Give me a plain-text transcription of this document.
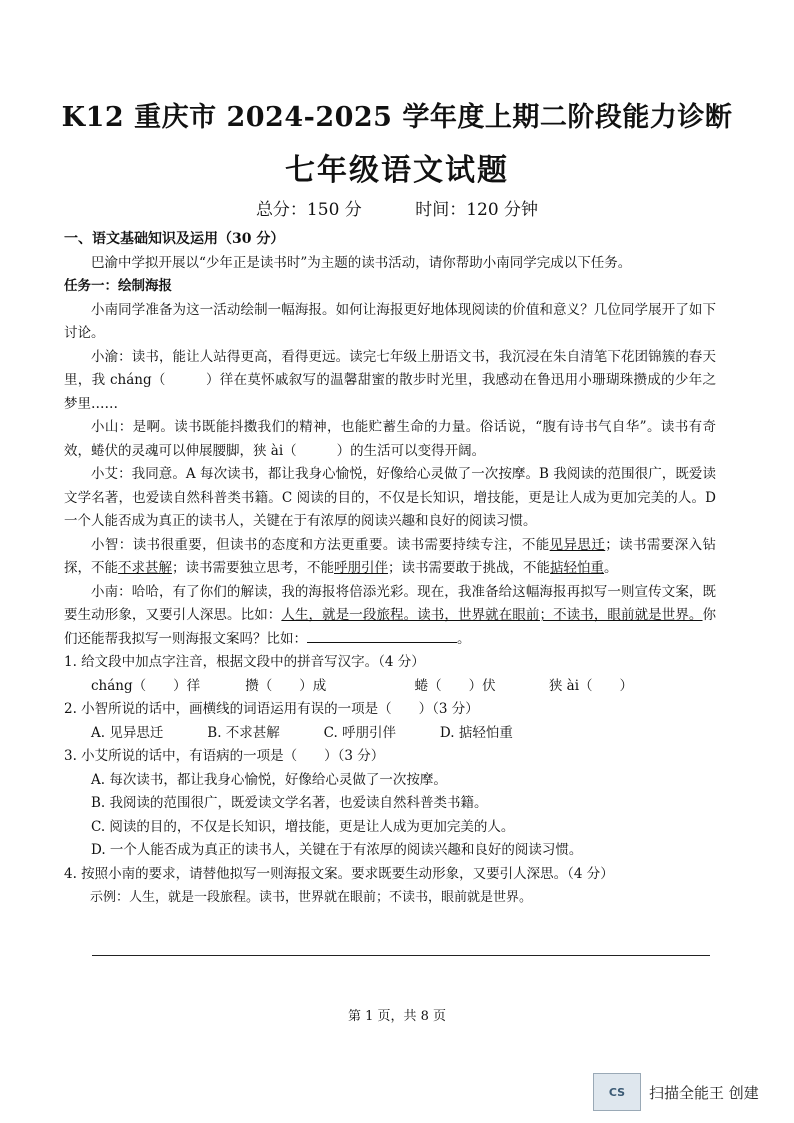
K12 重庆市 2024-2025 学年度上期二阶段能力诊断
七年级语文试题
总分：150 分	时间：120 分钟
一、语文基础知识及运用（30 分）

巴渝中学拟开展以“少年正是读书时”为主题的读书活动，请你帮助小南同学完成以下任务。

任务一：绘制海报

小南同学准备为这一活动绘制一幅海报。如何让海报更好地体现阅读的价值和意义？几位同学展开了如下讨论。

小渝：读书，能让人站得更高，看得更远。读完七年级上册语文书，我沉浸在朱自清笔下花团锦簇的春天里，我 cháng（	）徉在莫怀戚叙写的温馨甜蜜的散步时光里，我感动在鲁迅用小珊瑚珠攒成的少年之梦里……

小山：是啊。读书既能抖擞我们的精神，也能贮蓄生命的力量。俗话说，“腹有诗书气自华”。读书有奇效，蜷伏的灵魂可以伸展腰脚，狭 ài（	）的生活可以变得开阔。

小艾：我同意。A 每次读书，都让我身心愉悦，好像给心灵做了一次按摩。B 我阅读的范围很广，既爱读文学名著，也爱读自然科普类书籍。C 阅读的目的，不仅是长知识，增技能，更是让人成为更加完美的人。D 一个人能否成为真正的读书人，关键在于有浓厚的阅读兴趣和良好的阅读习惯。

小智：读书很重要，但读书的态度和方法更重要。读书需要持续专注，不能见异思迁；读书需要深入钻探，不能不求甚解；读书需要独立思考，不能呼朋引伴；读书需要敢于挑战，不能掂轻怕重。

小南：哈哈，有了你们的解读，我的海报将倍添光彩。现在，我准备给这幅海报再拟写一则宣传文案，既要生动形象，又要引人深思。比如：人生，就是一段旅程。读书，世界就在眼前；不读书，眼前就是世界。你们还能帮我拟写一则海报文案吗？比如：	。

1. 给文段中加点字注音，根据文段中的拼音写汉字。（4 分）
cháng（　　）徉	攒（　　）成	蜷（　　）伏	狭 ài（　　）
2. 小智所说的话中，画横线的词语运用有误的一项是（　　）（3 分）
A. 见异思迁	B. 不求甚解	C. 呼朋引伴	D. 掂轻怕重
3. 小艾所说的话中，有语病的一项是（　　）（3 分）
A. 每次读书，都让我身心愉悦，好像给心灵做了一次按摩。
B. 我阅读的范围很广，既爱读文学名著，也爱读自然科普类书籍。
C. 阅读的目的，不仅是长知识，增技能，更是让人成为更加完美的人。
D. 一个人能否成为真正的读书人，关键在于有浓厚的阅读兴趣和良好的阅读习惯。
4. 按照小南的要求，请替他拟写一则海报文案。要求既要生动形象，又要引人深思。（4 分）
示例：人生，就是一段旅程。读书，世界就在眼前；不读书，眼前就是世界。
第 1 页，共 8 页
CS 扫描全能王 创建
